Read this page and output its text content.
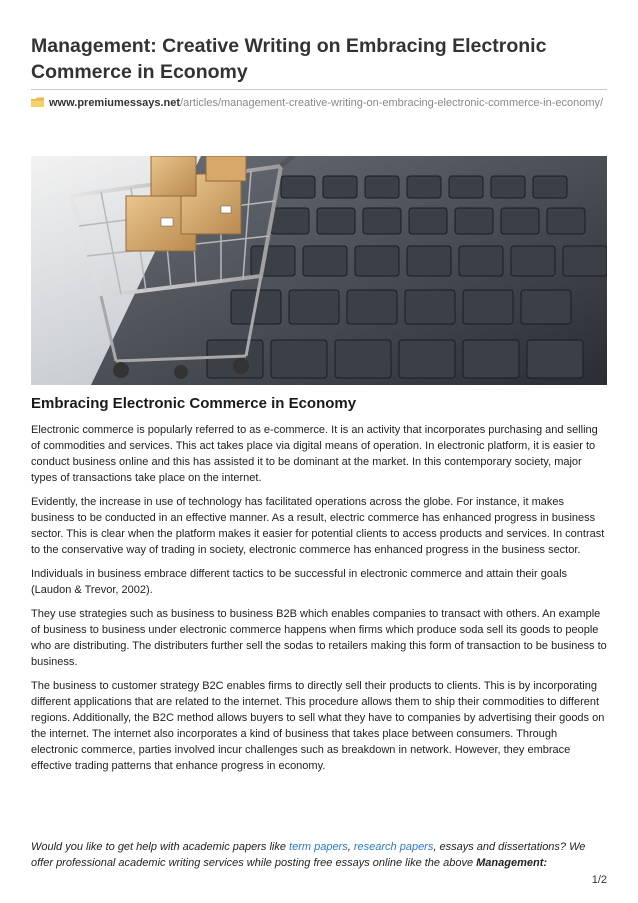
Management: Creative Writing on Embracing Electronic Commerce in Economy
www.premiumessays.net/articles/management-creative-writing-on-embracing-electronic-commerce-in-economy/
Embracing Electronic Commerce in Economy

Electronic commerce is popularly referred to as e-commerce. It is an activity that incorporates purchasing and selling of commodities and services. This act takes place via digital means of operation. In electronic platform, it is easier to conduct business online and this has assisted it to be dominant at the market. In this contemporary society, major types of transactions take place on the internet.

Evidently, the increase in use of technology has facilitated operations across the globe. For instance, it makes business to be conducted in an effective manner. As a result, electric commerce has enhanced progress in business sector. This is clear when the platform makes it easier for potential clients to access products and services. In contrast to the conservative way of trading in society, electronic commerce has enhanced progress in the business sector.

Individuals in business embrace different tactics to be successful in electronic commerce and attain their goals (Laudon & Trevor, 2002).

They use strategies such as business to business B2B which enables companies to transact with others. An example of business to business under electronic commerce happens when firms which produce soda sell its goods to people who are distributing. The distributers further sell the sodas to retailers making this form of transaction to be business to business.

The business to customer strategy B2C enables firms to directly sell their products to clients. This is by incorporating different applications that are related to the internet. This procedure allows them to ship their commodities to different regions. Additionally, the B2C method allows buyers to sell what they have to companies by advertising their goods on the internet. The internet also incorporates a kind of business that takes place between consumers. Through electronic commerce, parties involved incur challenges such as breakdown in network. However, they embrace effective trading patterns that enhance progress in economy.

Would you like to get help with academic papers like term papers, research papers, essays and dissertations? We offer professional academic writing services while posting free essays online like the above Management:
1/2
